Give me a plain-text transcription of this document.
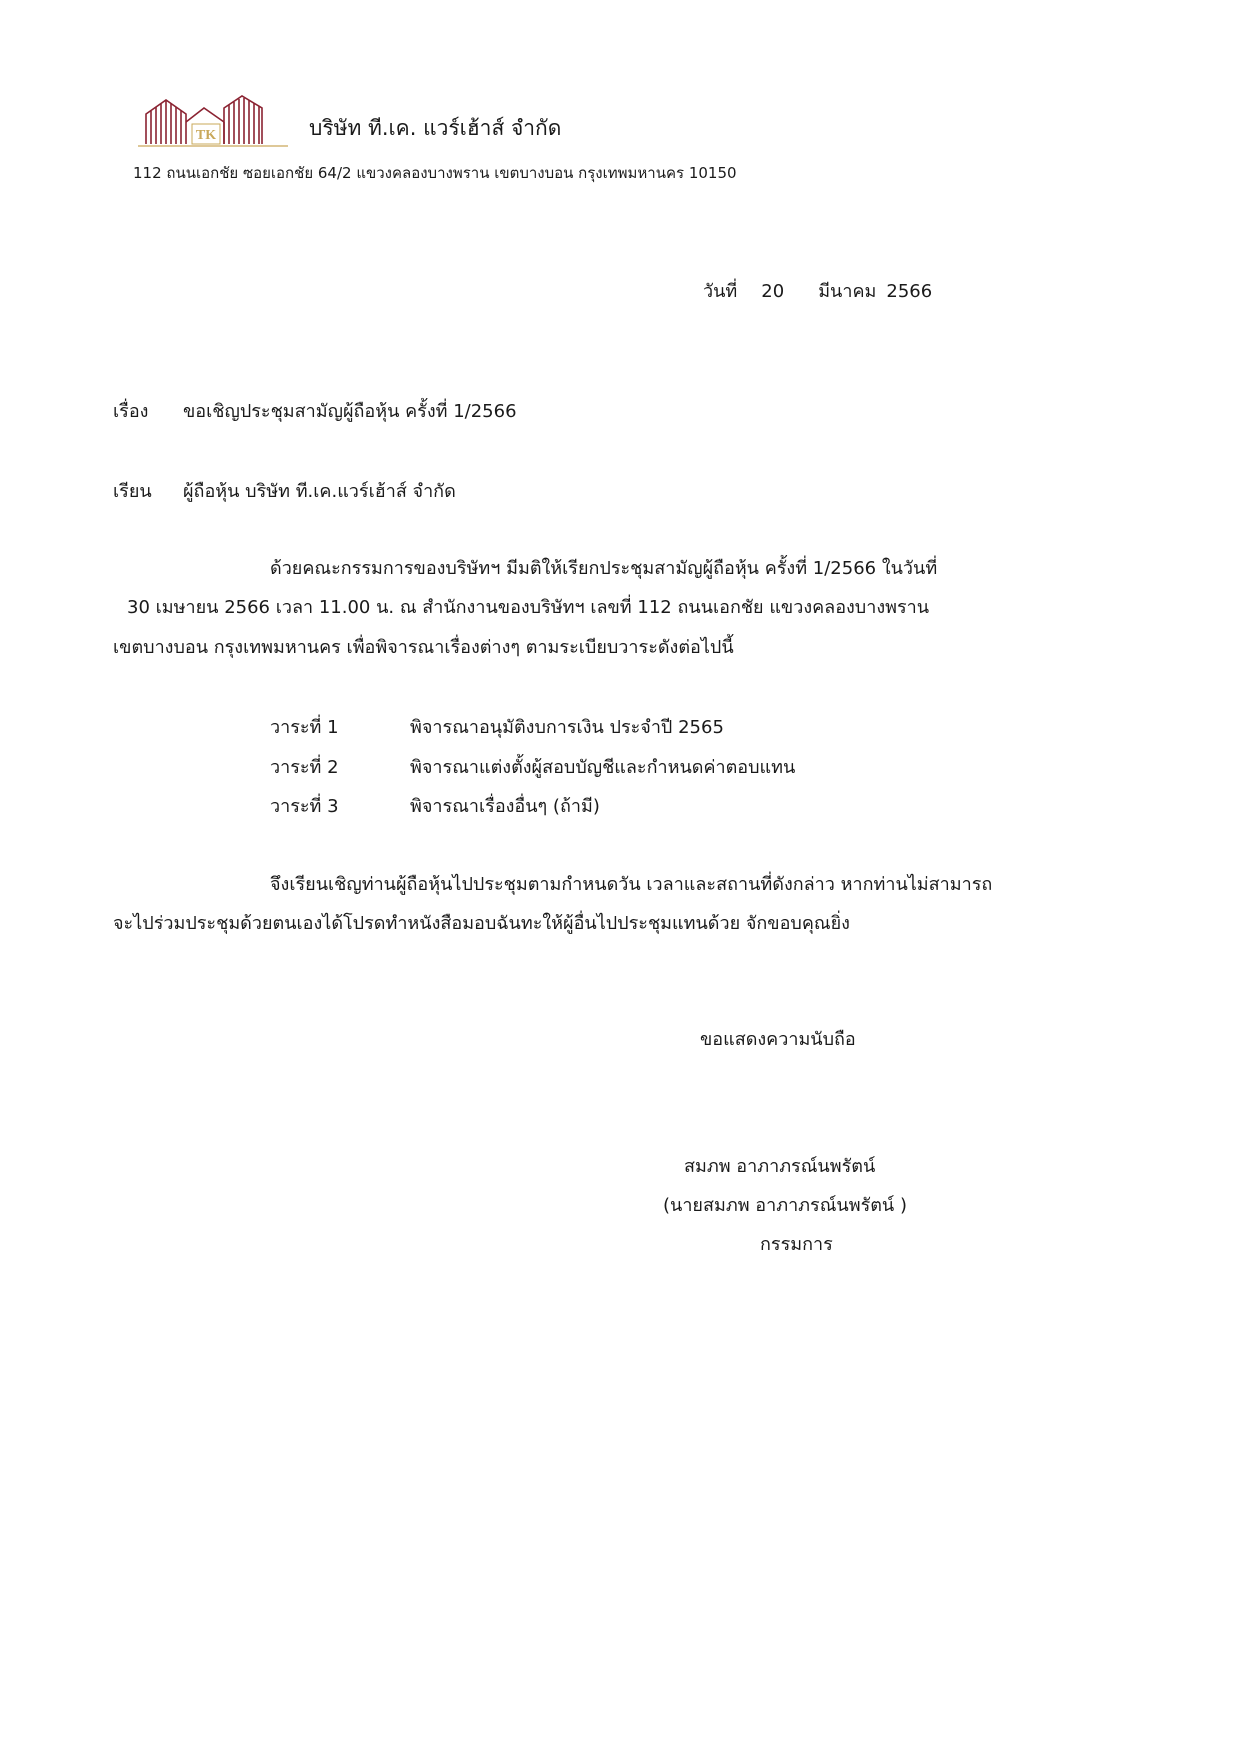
TK	บริษัท ที.เค. แวร์เฮ้าส์ จำกัด
112 ถนนเอกชัย ซอยเอกชัย 64/2 แขวงคลองบางพราน เขตบางบอน กรุงเทพมหานคร 10150
วันที่ 20 มีนาคม 2566
เรื่อง ขอเชิญประชุมสามัญผู้ถือหุ้น ครั้งที่ 1/2566
เรียน ผู้ถือหุ้น บริษัท ที.เค.แวร์เฮ้าส์ จำกัด
ด้วยคณะกรรมการของบริษัทฯ มีมติให้เรียกประชุมสามัญผู้ถือหุ้น ครั้งที่ 1/2566 ในวันที่
30 เมษายน 2566 เวลา 11.00 น. ณ สำนักงานของบริษัทฯ เลขที่ 112 ถนนเอกชัย แขวงคลองบางพราน
เขตบางบอน กรุงเทพมหานคร เพื่อพิจารณาเรื่องต่างๆ ตามระเบียบวาระดังต่อไปนี้
วาระที่ 1	พิจารณาอนุมัติงบการเงิน ประจำปี 2565
วาระที่ 2	พิจารณาแต่งตั้งผู้สอบบัญชีและกำหนดค่าตอบแทน
วาระที่ 3	พิจารณาเรื่องอื่นๆ (ถ้ามี)
จึงเรียนเชิญท่านผู้ถือหุ้นไปประชุมตามกำหนดวัน เวลาและสถานที่ดังกล่าว หากท่านไม่สามารถ
จะไปร่วมประชุมด้วยตนเองได้โปรดทำหนังสือมอบฉันทะให้ผู้อื่นไปประชุมแทนด้วย จักขอบคุณยิ่ง
ขอแสดงความนับถือ
สมภพ อาภาภรณ์นพรัตน์
(นายสมภพ อาภาภรณ์นพรัตน์ )
กรรมการ
